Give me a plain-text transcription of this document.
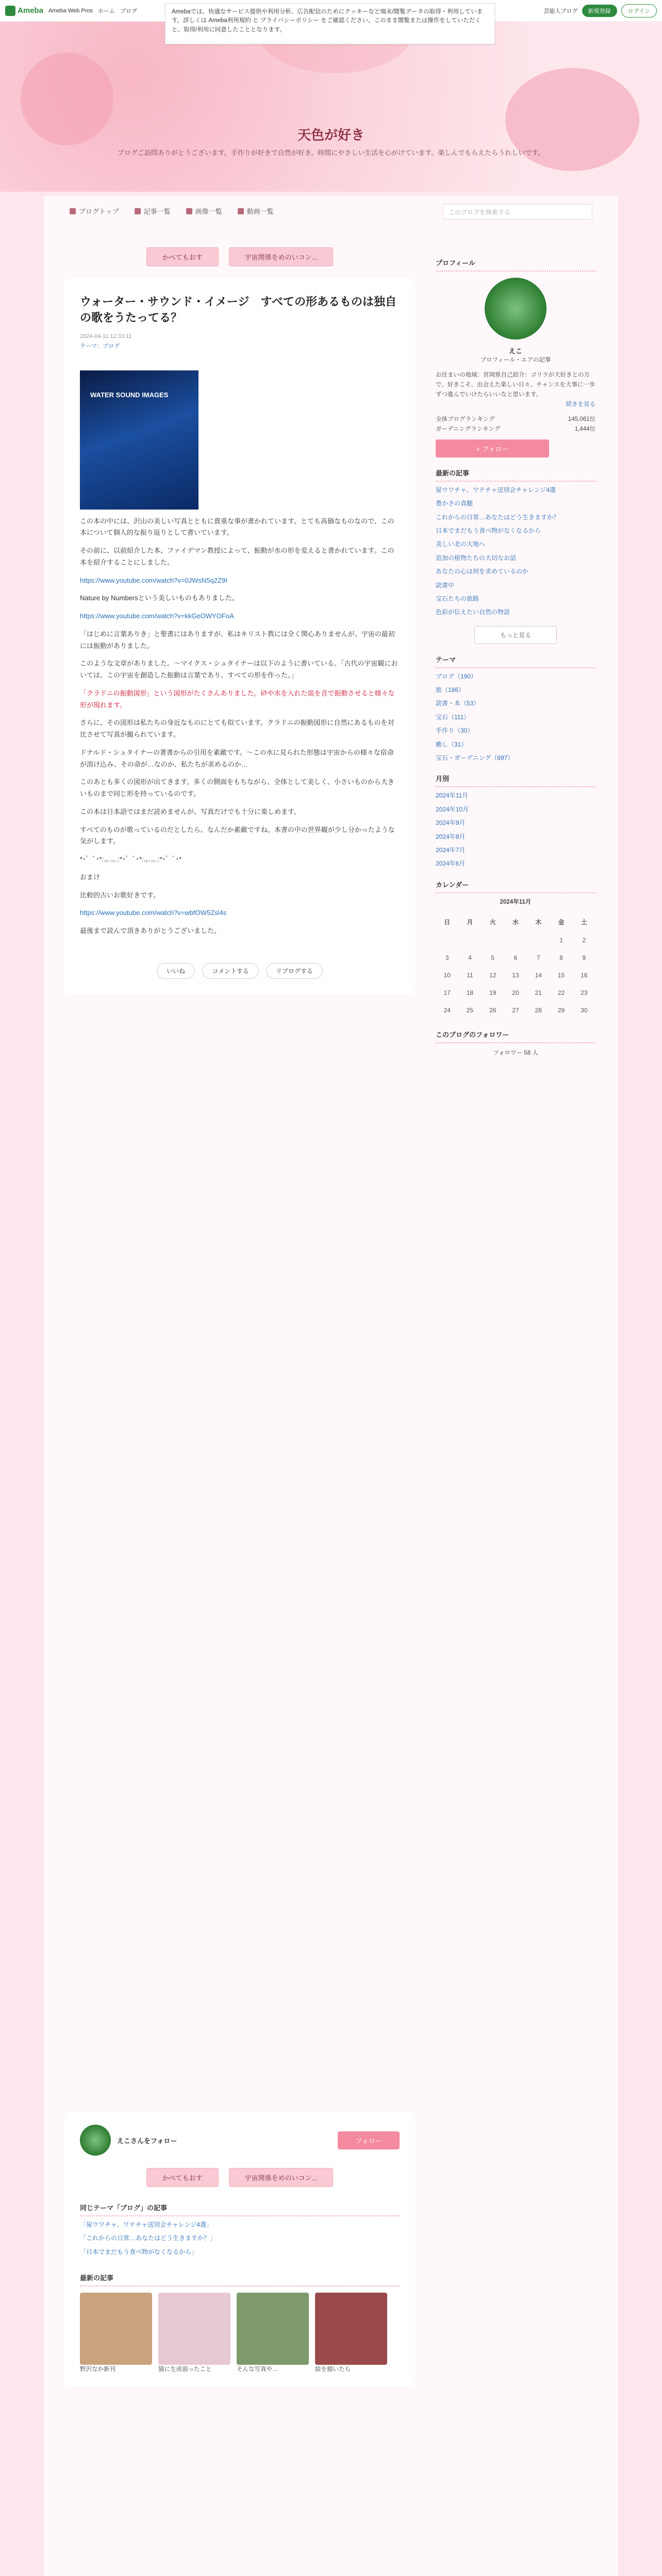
Ameba Ameba Web Pros ホーム ブログ	Amebaでは、快適なサービス提供や利用分析、広告配信のためにクッキーなど端末/閲覧データの取得・利用しています。詳しくは Ameba利用規約 と プライバシーポリシー をご確認ください。このまま閲覧または操作をしていただくと、取得/利用に同意したこととなります。
芸能人ブログ	新規登録	ログイン
天色が好き

ブログご訪問ありがとうございます。手作りが好きで自然が好き。時間にやさしい生活を心がけています。楽しんでもらえたらうれしいです。

ブログトップ	記事一覧	画像一覧	動画一覧	このブログを検索する
かべてもおす	宇宙関係をめのいコン...
ウォーター・サウンド・イメージ　すべての形あるものは独自の歌をうたってる？
2024-04-11 12:33:11
テーマ：ブログ
WATER SOUND IMAGES

この本の中には、沢山の美しい写真とともに貴重な事が書かれています。とても高価なものなので、この本について個人的な振り返りとして書いています。

その前に、以前紹介した本、ファイデマン教授によって、振動が水の形を変えると書かれています。この本を紹介することにしました。

https://www.youtube.com/watch?v=0JWsN5q2Z9I

Nature by Numbersという美しいものもありました。

https://www.youtube.com/watch?v=kkGeOWYOFoA

「はじめに言葉ありき」と聖書にはありますが、私はキリスト教には全く関心ありませんが、宇宙の最初には振動がありました。

このような文章がありました。〜マイクス・シュタイナーは以下のように書いている。「古代の宇宙観においては、この宇宙を創造した振動は言葉であり、すべての形を作った。」

「クラドニの振動図形」という図形がたくさんありました。砂や水を入れた皿を音で振動させると様々な形が現れます。

さらに、その図形は私たちの身近なものにとても似ています。クラドニの振動図形に自然にあるものを対比させて写真が撮られています。

ドナルド・シュタイナーの著書からの引用を素敵です。〜この水に見られた形態は宇宙からの様々な宿命が溶け込み、その命が…なのか、私たちが求めるのか…

このあとも多くの図形が出てきます。多くの側面をもちながら、全体として美しく、小さいものから大きいものまで同じ形を持っているのです。

この本は日本語ではまだ読めませんが、写真だけでも十分に楽しめます。

すべてのものが歌っているのだとしたら、なんだか素敵ですね。本書の中の世界観が少し分かったような気がします。

*･゜ﾟ･*:.｡..｡.:*･゜ﾟ･*:.｡..｡.:*･゜ﾟ･*

おまけ

比較的古いお歌好きです。

https://www.youtube.com/watch?v=wbfOW5Zsl4s

最後まで読んで頂きありがとうございました。

いいね	コメントする	リブログする
プロフィール
えこ
プロフィール・エアの記事

お住まいの地域：宮岡県自己紹介：ゴリラが大好きとの方で、好きこそ、出会えた楽しい日々、チャンスを大事に一歩ずつ進んでいけたらいいなと思います。

続きを見る
全体ブログランキング	145,061位
ガーデニングランキング	1,444位
+ フォロー
最新の記事
屋ウワチャ、ワテチャ送別会チャレンジ4選
豊かさの真髄
これからの日常…あなたはどう生きますか？
日本でまだもう食べ物がなくなるから
美しい北の大地へ
追加の植物たちの大切なお話
あなたの心は何を求めているのか
読書中
宝石たちの旅路
色彩が伝えたい自然の物語
もっと見る
テーマ
ブログ（190）
旅（186）
読書・本（53）
宝石（111）
手作り（30）
癒し（31）
宝石・ガーデニング（897）
月別
2024年11月
2024年10月
2024年9月
2024年8月
2024年7月
2024年6月
カレンダー
2024年11月
日	月	火	水	木	金	土
					1	2
3	4	5	6	7	8	9
10	11	12	13	14	15	16
17	18	19	20	21	22	23
24	25	26	27	28	29	30
このブログのフォロワー
フォロワー 58 人
えこさんをフォロー	フォロー
かべてもおす	宇宙関係をめのいコン...
同じテーマ「ブログ」の記事
「屋ウワチャ、ワテチャ送別会チャレンジ4選」
「これからの日常…あなたはどう生きますか？」
「日本でまだもう食べ物がなくなるから」
最新の記事
野沢なか新刊	猫に生成弱ったこと	そんな写真や…	絵を描いたら
